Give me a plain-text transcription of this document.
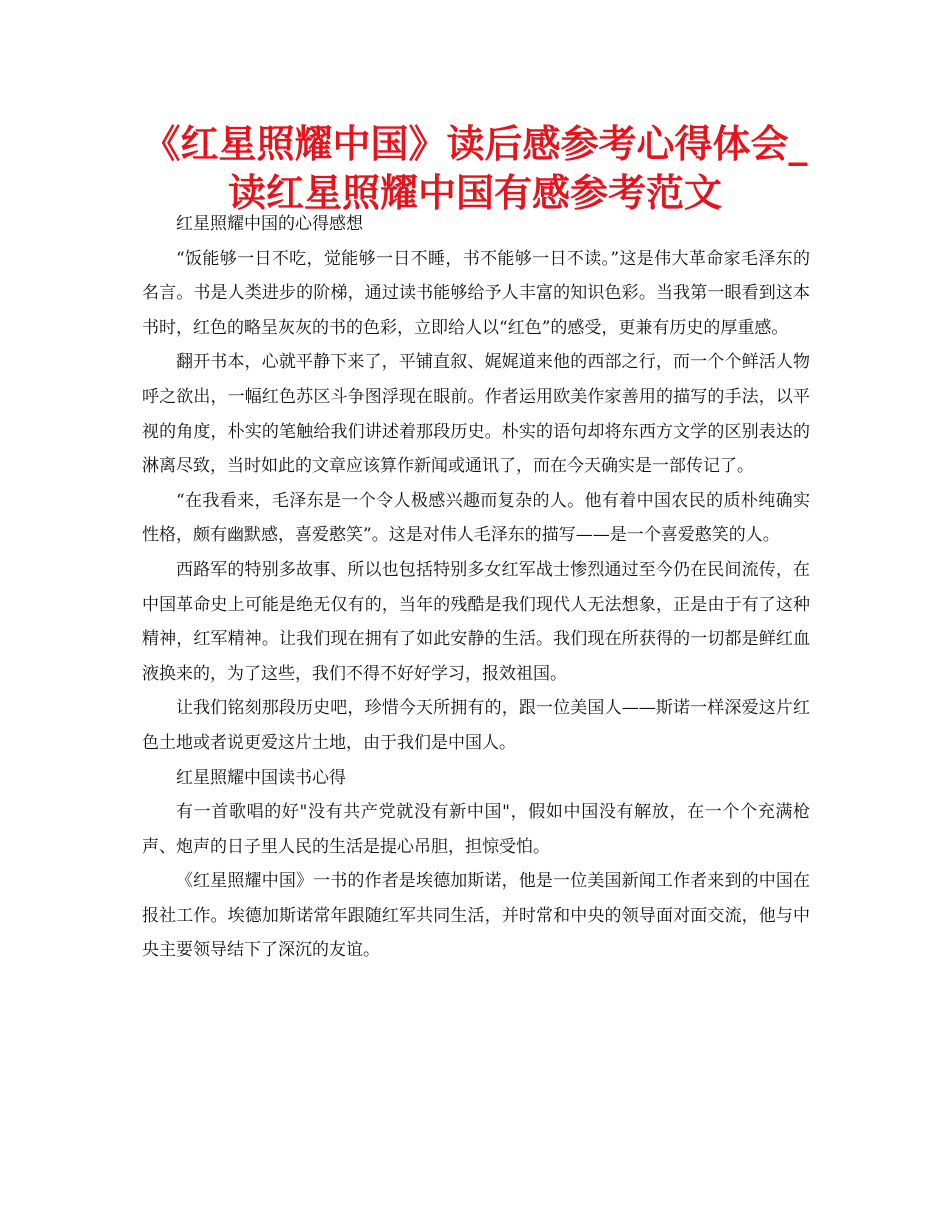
《红星照耀中国》读后感参考心得体会_读红星照耀中国有感参考范文

红星照耀中国的心得感想

“饭能够一日不吃，觉能够一日不睡，书不能够一日不读。”这是伟大革命家毛泽东的名言。书是人类进步的阶梯，通过读书能够给予人丰富的知识色彩。当我第一眼看到这本书时，红色的略呈灰灰的书的色彩，立即给人以“红色”的感受，更兼有历史的厚重感。

翻开书本，心就平静下来了，平铺直叙、娓娓道来他的西部之行，而一个个鲜活人物呼之欲出，一幅红色苏区斗争图浮现在眼前。作者运用欧美作家善用的描写的手法，以平视的角度，朴实的笔触给我们讲述着那段历史。朴实的语句却将东西方文学的区别表达的淋离尽致，当时如此的文章应该算作新闻或通讯了，而在今天确实是一部传记了。

“在我看来，毛泽东是一个令人极感兴趣而复杂的人。他有着中国农民的质朴纯确实性格，颇有幽默感，喜爱憨笑”。这是对伟人毛泽东的描写——是一个喜爱憨笑的人。

西路军的特别多故事、所以也包括特别多女红军战士惨烈通过至今仍在民间流传，在中国革命史上可能是绝无仅有的，当年的残酷是我们现代人无法想象，正是由于有了这种精神，红军精神。让我们现在拥有了如此安静的生活。我们现在所获得的一切都是鲜红血液换来的，为了这些，我们不得不好好学习，报效祖国。

让我们铭刻那段历史吧，珍惜今天所拥有的，跟一位美国人——斯诺一样深爱这片红色土地或者说更爱这片土地，由于我们是中国人。

红星照耀中国读书心得

有一首歌唱的好"没有共产党就没有新中国"，假如中国没有解放，在一个个充满枪声、炮声的日子里人民的生活是提心吊胆，担惊受怕。

《红星照耀中国》一书的作者是埃德加斯诺，他是一位美国新闻工作者来到的中国在报社工作。埃德加斯诺常年跟随红军共同生活，并时常和中央的领导面对面交流，他与中央主要领导结下了深沉的友谊。
